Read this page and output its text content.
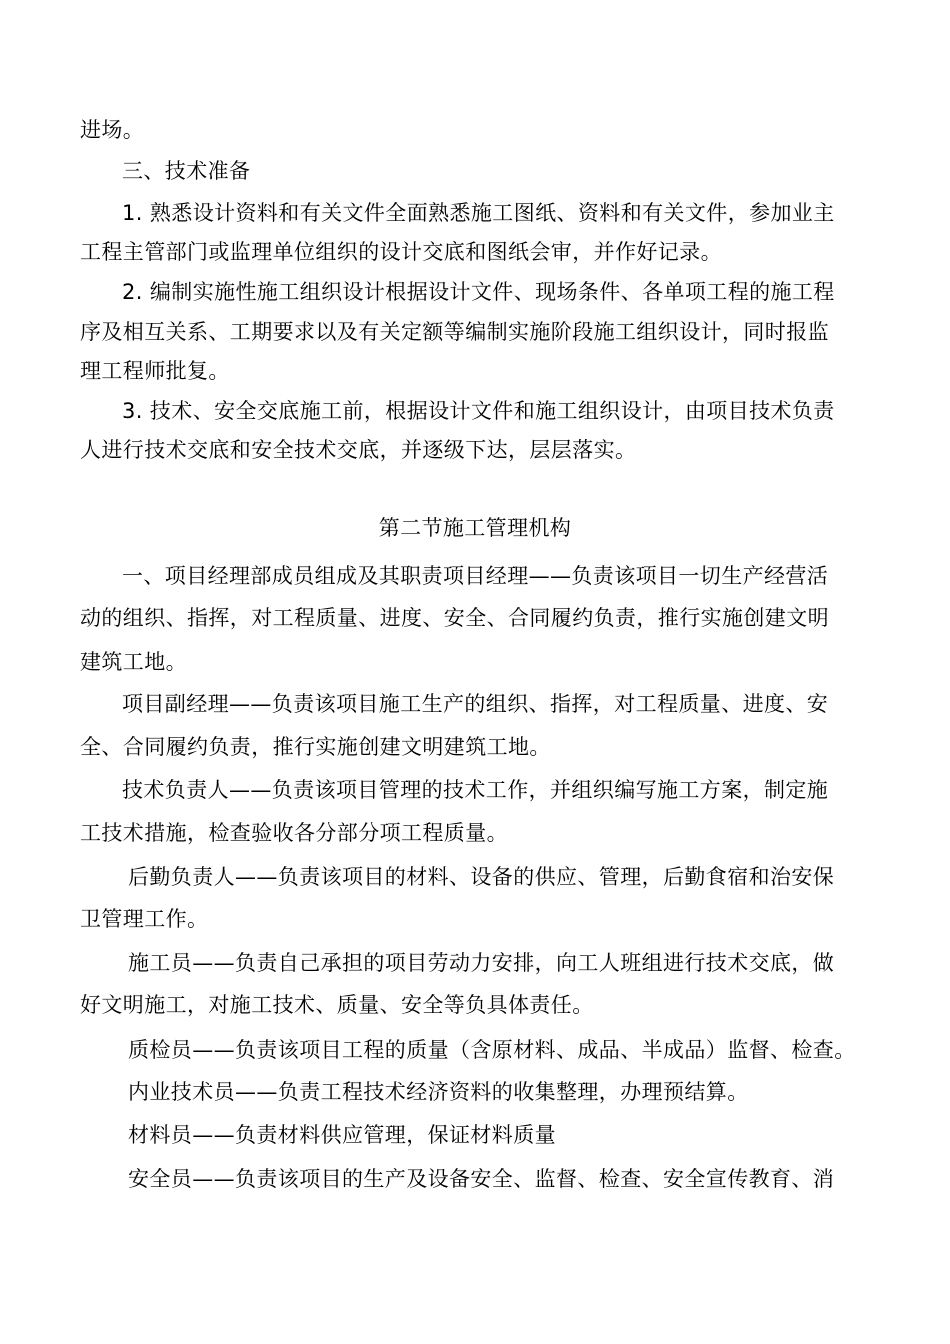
进场。
三、技术准备
1. 熟悉设计资料和有关文件全面熟悉施工图纸、资料和有关文件，参加业主
工程主管部门或监理单位组织的设计交底和图纸会审，并作好记录。
2. 编制实施性施工组织设计根据设计文件、现场条件、各单项工程的施工程
序及相互关系、工期要求以及有关定额等编制实施阶段施工组织设计，同时报监
理工程师批复。
3. 技术、安全交底施工前，根据设计文件和施工组织设计，由项目技术负责
人进行技术交底和安全技术交底，并逐级下达，层层落实。
第二节施工管理机构
一、项目经理部成员组成及其职责项目经理——负责该项目一切生产经营活
动的组织、指挥，对工程质量、进度、安全、合同履约负责，推行实施创建文明
建筑工地。
项目副经理——负责该项目施工生产的组织、指挥，对工程质量、进度、安
全、合同履约负责，推行实施创建文明建筑工地。
技术负责人——负责该项目管理的技术工作，并组织编写施工方案，制定施
工技术措施，检查验收各分部分项工程质量。
后勤负责人——负责该项目的材料、设备的供应、管理，后勤食宿和治安保
卫管理工作。
施工员——负责自己承担的项目劳动力安排，向工人班组进行技术交底，做
好文明施工，对施工技术、质量、安全等负具体责任。
质检员——负责该项目工程的质量（含原材料、成品、半成品）监督、检查。
内业技术员——负责工程技术经济资料的收集整理，办理预结算。
材料员——负责材料供应管理，保证材料质量
安全员——负责该项目的生产及设备安全、监督、检查、安全宣传教育、消
